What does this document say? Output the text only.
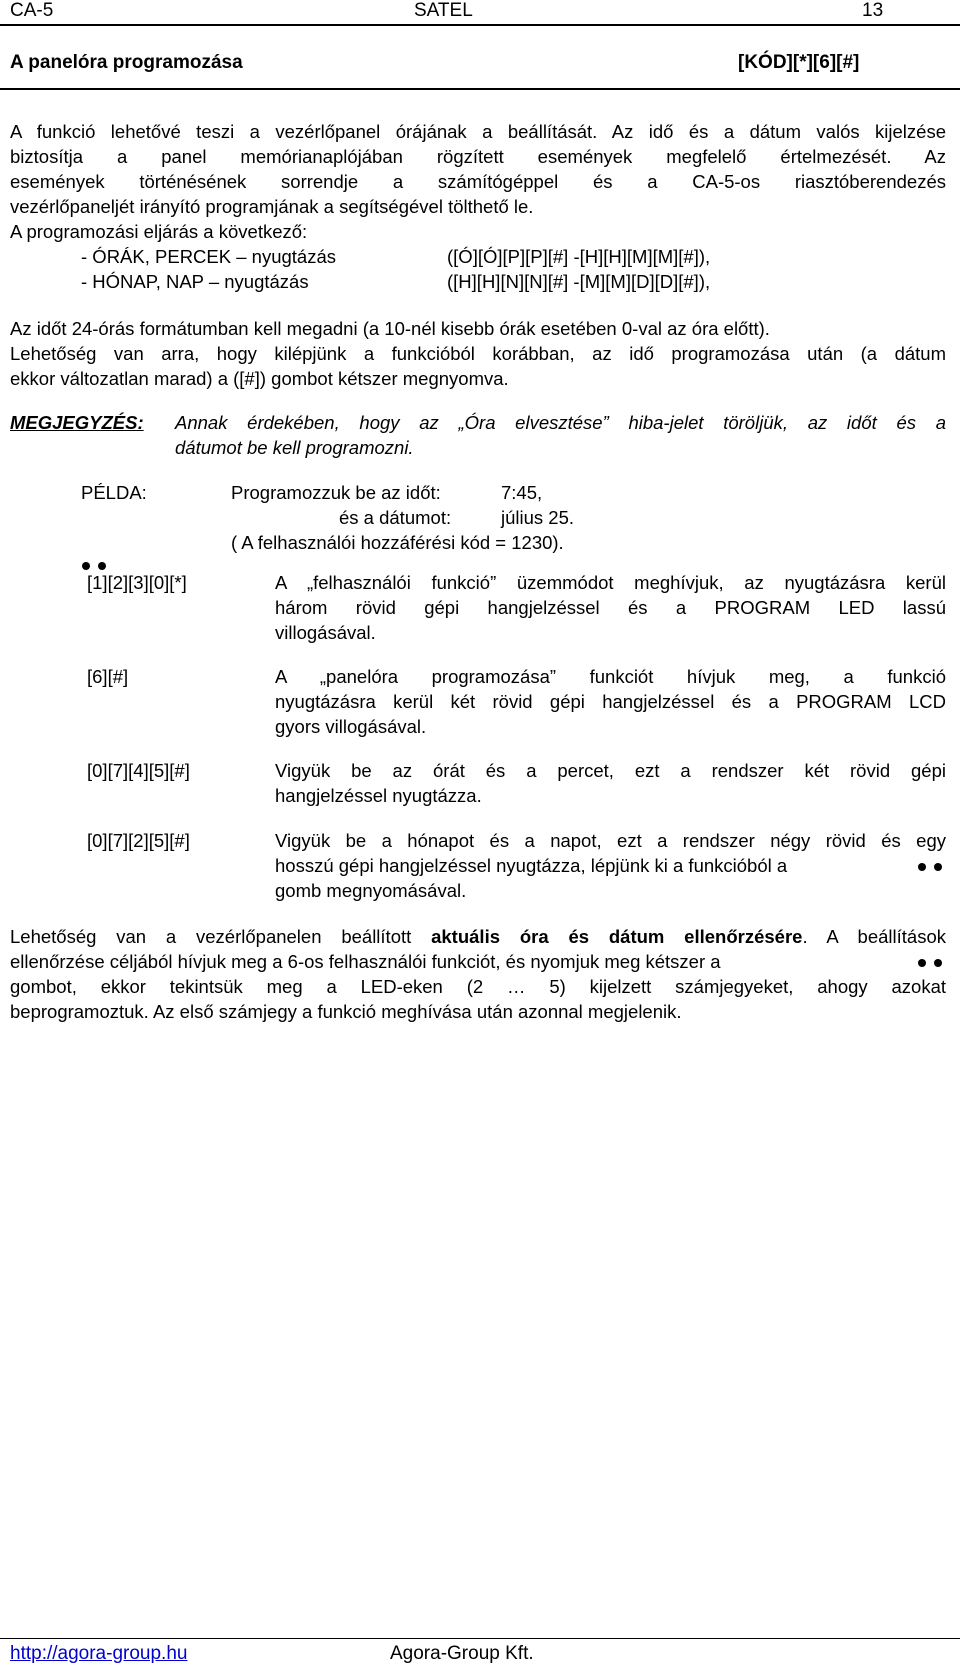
CA-5	SATEL	13
A panelóra programozása	[KÓD][*][6][#]
A funkció lehetővé teszi a vezérlőpanel órájának a beállítását. Az idő és a dátum valós kijelzése
biztosítja a panel memórianaplójában rögzített események megfelelő értelmezését. Az
események történésének sorrendje a számítógéppel és a CA-5-os riasztóberendezés
vezérlőpaneljét irányító programjának a segítségével tölthető le.
A programozási eljárás a következő:
- ÓRÁK, PERCEK – nyugtázás	([Ó][Ó][P][P][#] -[H][H][M][M][#]),
- HÓNAP, NAP – nyugtázás	([H][H][N][N][#] -[M][M][D][D][#]),
Az időt 24-órás formátumban kell megadni (a 10-nél kisebb órák esetében 0-val az óra előtt).
Lehetőség van arra, hogy kilépjünk a funkcióból korábban, az idő programozása után (a dátum
ekkor változatlan marad) a ([#]) gombot kétszer megnyomva.
MEGJEGYZÉS: Annak érdekében, hogy az „Óra elvesztése” hiba-jelet töröljük, az időt és a
dátumot be kell programozni.
PÉLDA:	Programozzuk be az időt:	7:45,
és a dátumot:	július 25.
( A felhasználói hozzáférési kód = 1230).
[1][2][3][0][*]	A „felhasználói funkció” üzemmódot meghívjuk, az nyugtázásra kerül
három rövid gépi hangjelzéssel és a PROGRAM LED lassú
villogásával.
[6][#]	A „panelóra programozása” funkciót hívjuk meg, a funkció
nyugtázásra kerül két rövid gépi hangjelzéssel és a PROGRAM LCD
gyors villogásával.
[0][7][4][5][#]	Vigyük be az órát és a percet, ezt a rendszer két rövid gépi
hangjelzéssel nyugtázza.
[0][7][2][5][#]	Vigyük be a hónapot és a napot, ezt a rendszer négy rövid és egy
hosszú gépi hangjelzéssel nyugtázza, lépjünk ki a funkcióból a
gomb megnyomásával.
Lehetőség van a vezérlőpanelen beállított aktuális óra és dátum ellenőrzésére. A beállítások
ellenőrzése céljából hívjuk meg a 6-os felhasználói funkciót, és nyomjuk meg kétszer a
gombot, ekkor tekintsük meg a LED-eken (2 … 5) kijelzett számjegyeket, ahogy azokat
beprogramoztuk. Az első számjegy a funkció meghívása után azonnal megjelenik.
http://agora-group.hu	Agora-Group Kft.
